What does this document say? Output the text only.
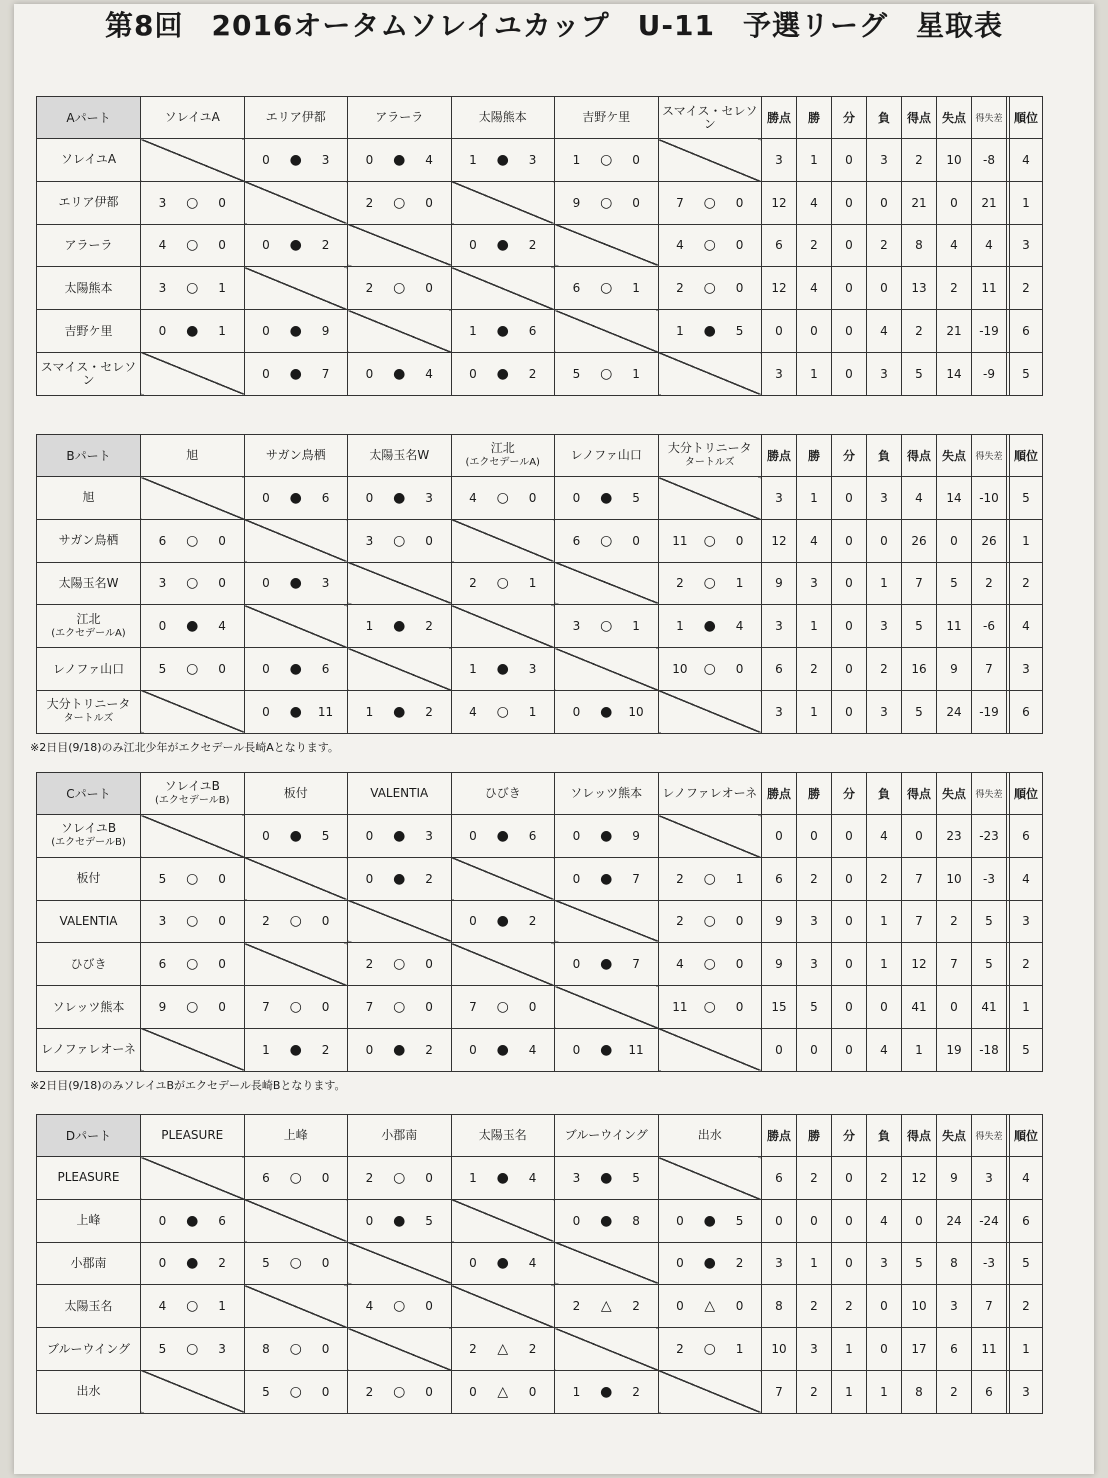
第8回 2016オータムソレイユカップ U-11 予選リーグ 星取表
Aパート	ソレイユA	エリア伊都	アラーラ	太陽熊本	吉野ケ里	スマイス・セレソン	勝点	勝	分	負	得点	失点	得失差		順位
ソレイユA		0 ● 3	0 ● 4	1 ● 3	1 ○ 0		3	1	0	3	2	10	-8		4
エリア伊都	3 ○ 0		2 ○ 0		9 ○ 0	7 ○ 0	12	4	0	0	21	0	21		1
アラーラ	4 ○ 0	0 ● 2		0 ● 2		4 ○ 0	6	2	0	2	8	4	4		3
太陽熊本	3 ○ 1		2 ○ 0		6 ○ 1	2 ○ 0	12	4	0	0	13	2	11		2
吉野ケ里	0 ● 1	0 ● 9		1 ● 6		1 ● 5	0	0	0	4	2	21	-19		6
スマイス・セレソン		0 ● 7	0 ● 4	0 ● 2	5 ○ 1		3	1	0	3	5	14	-9		5
Bパート	旭	サガン鳥栖	太陽玉名W	江北
(エクセデールA)	レノファ山口	大分トリニータ
タートルズ	勝点	勝	分	負	得点	失点	得失差		順位
旭		0 ● 6	0 ● 3	4 ○ 0	0 ● 5		3	1	0	3	4	14	-10		5
サガン鳥栖	6 ○ 0		3 ○ 0		6 ○ 0	11 ○ 0	12	4	0	0	26	0	26		1
太陽玉名W	3 ○ 0	0 ● 3		2 ○ 1		2 ○ 1	9	3	0	1	7	5	2		2
江北
(エクセデールA)	0 ● 4		1 ● 2		3 ○ 1	1 ● 4	3	1	0	3	5	11	-6		4
レノファ山口	5 ○ 0	0 ● 6		1 ● 3		10 ○ 0	6	2	0	2	16	9	7		3
大分トリニータ
タートルズ		0 ● 11	1 ● 2	4 ○ 1	0 ● 10		3	1	0	3	5	24	-19		6
※2日目(9/18)のみ江北少年がエクセデール長崎Aとなります。
Cパート	ソレイユB
(エクセデールB)	板付	VALENTIA	ひびき	ソレッツ熊本	レノファレオーネ	勝点	勝	分	負	得点	失点	得失差		順位
ソレイユB
(エクセデールB)		0 ● 5	0 ● 3	0 ● 6	0 ● 9		0	0	0	4	0	23	-23		6
板付	5 ○ 0		0 ● 2		0 ● 7	2 ○ 1	6	2	0	2	7	10	-3		4
VALENTIA	3 ○ 0	2 ○ 0		0 ● 2		2 ○ 0	9	3	0	1	7	2	5		3
ひびき	6 ○ 0		2 ○ 0		0 ● 7	4 ○ 0	9	3	0	1	12	7	5		2
ソレッツ熊本	9 ○ 0	7 ○ 0	7 ○ 0	7 ○ 0		11 ○ 0	15	5	0	0	41	0	41		1
レノファレオーネ		1 ● 2	0 ● 2	0 ● 4	0 ● 11		0	0	0	4	1	19	-18		5
※2日目(9/18)のみソレイユBがエクセデール長崎Bとなります。
Dパート	PLEASURE	上峰	小郡南	太陽玉名	ブルーウイング	出水	勝点	勝	分	負	得点	失点	得失差		順位
PLEASURE		6 ○ 0	2 ○ 0	1 ● 4	3 ● 5		6	2	0	2	12	9	3		4
上峰	0 ● 6		0 ● 5		0 ● 8	0 ● 5	0	0	0	4	0	24	-24		6
小郡南	0 ● 2	5 ○ 0		0 ● 4		0 ● 2	3	1	0	3	5	8	-3		5
太陽玉名	4 ○ 1		4 ○ 0		2 △ 2	0 △ 0	8	2	2	0	10	3	7		2
ブルーウイング	5 ○ 3	8 ○ 0		2 △ 2		2 ○ 1	10	3	1	0	17	6	11		1
出水		5 ○ 0	2 ○ 0	0 △ 0	1 ● 2		7	2	1	1	8	2	6		3
